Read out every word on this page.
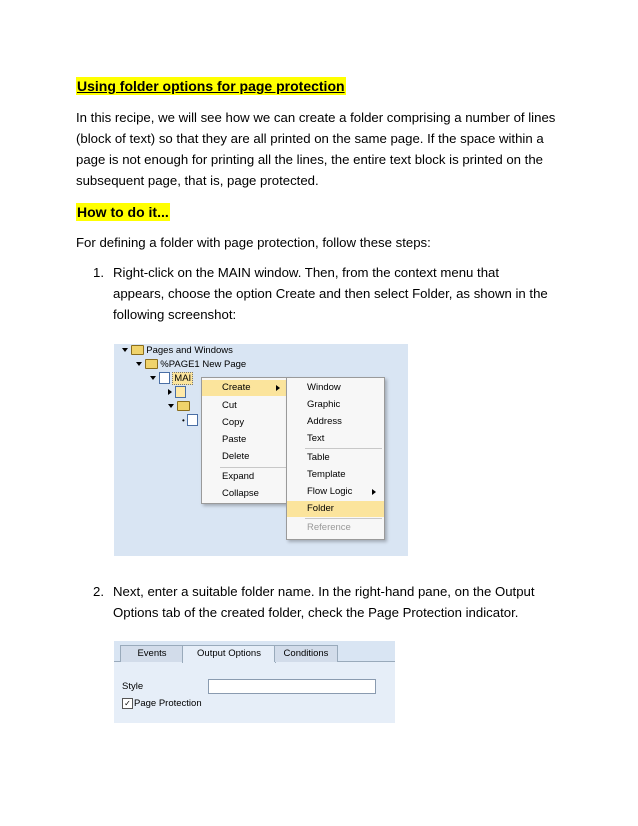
Using folder options for page protection
In this recipe, we will see how we can create a folder comprising a number of lines
(block of text) so that they are all printed on the same page. If the space within a
page is not enough for printing all the lines, the entire text block is printed on the
subsequent page, that is, page protected.
How to do it...
For defining a folder with page protection, follow these steps:
1. Right-click on the MAIN window. Then, from the context menu that
appears, choose the option Create and then select Folder, as shown in the
following screenshot:
Pages and Windows
%PAGE1 New Page
MAI

•
Create
Cut
Copy
Paste
Delete
Expand
Collapse
Window
Graphic
Address
Text
Table
Template
Flow Logic
Folder
Reference
2. Next, enter a suitable folder name. In the right-hand pane, on the Output
Options tab of the created folder, check the Page Protection indicator.
Events	Output Options	Conditions
Style
✓ Page Protection
